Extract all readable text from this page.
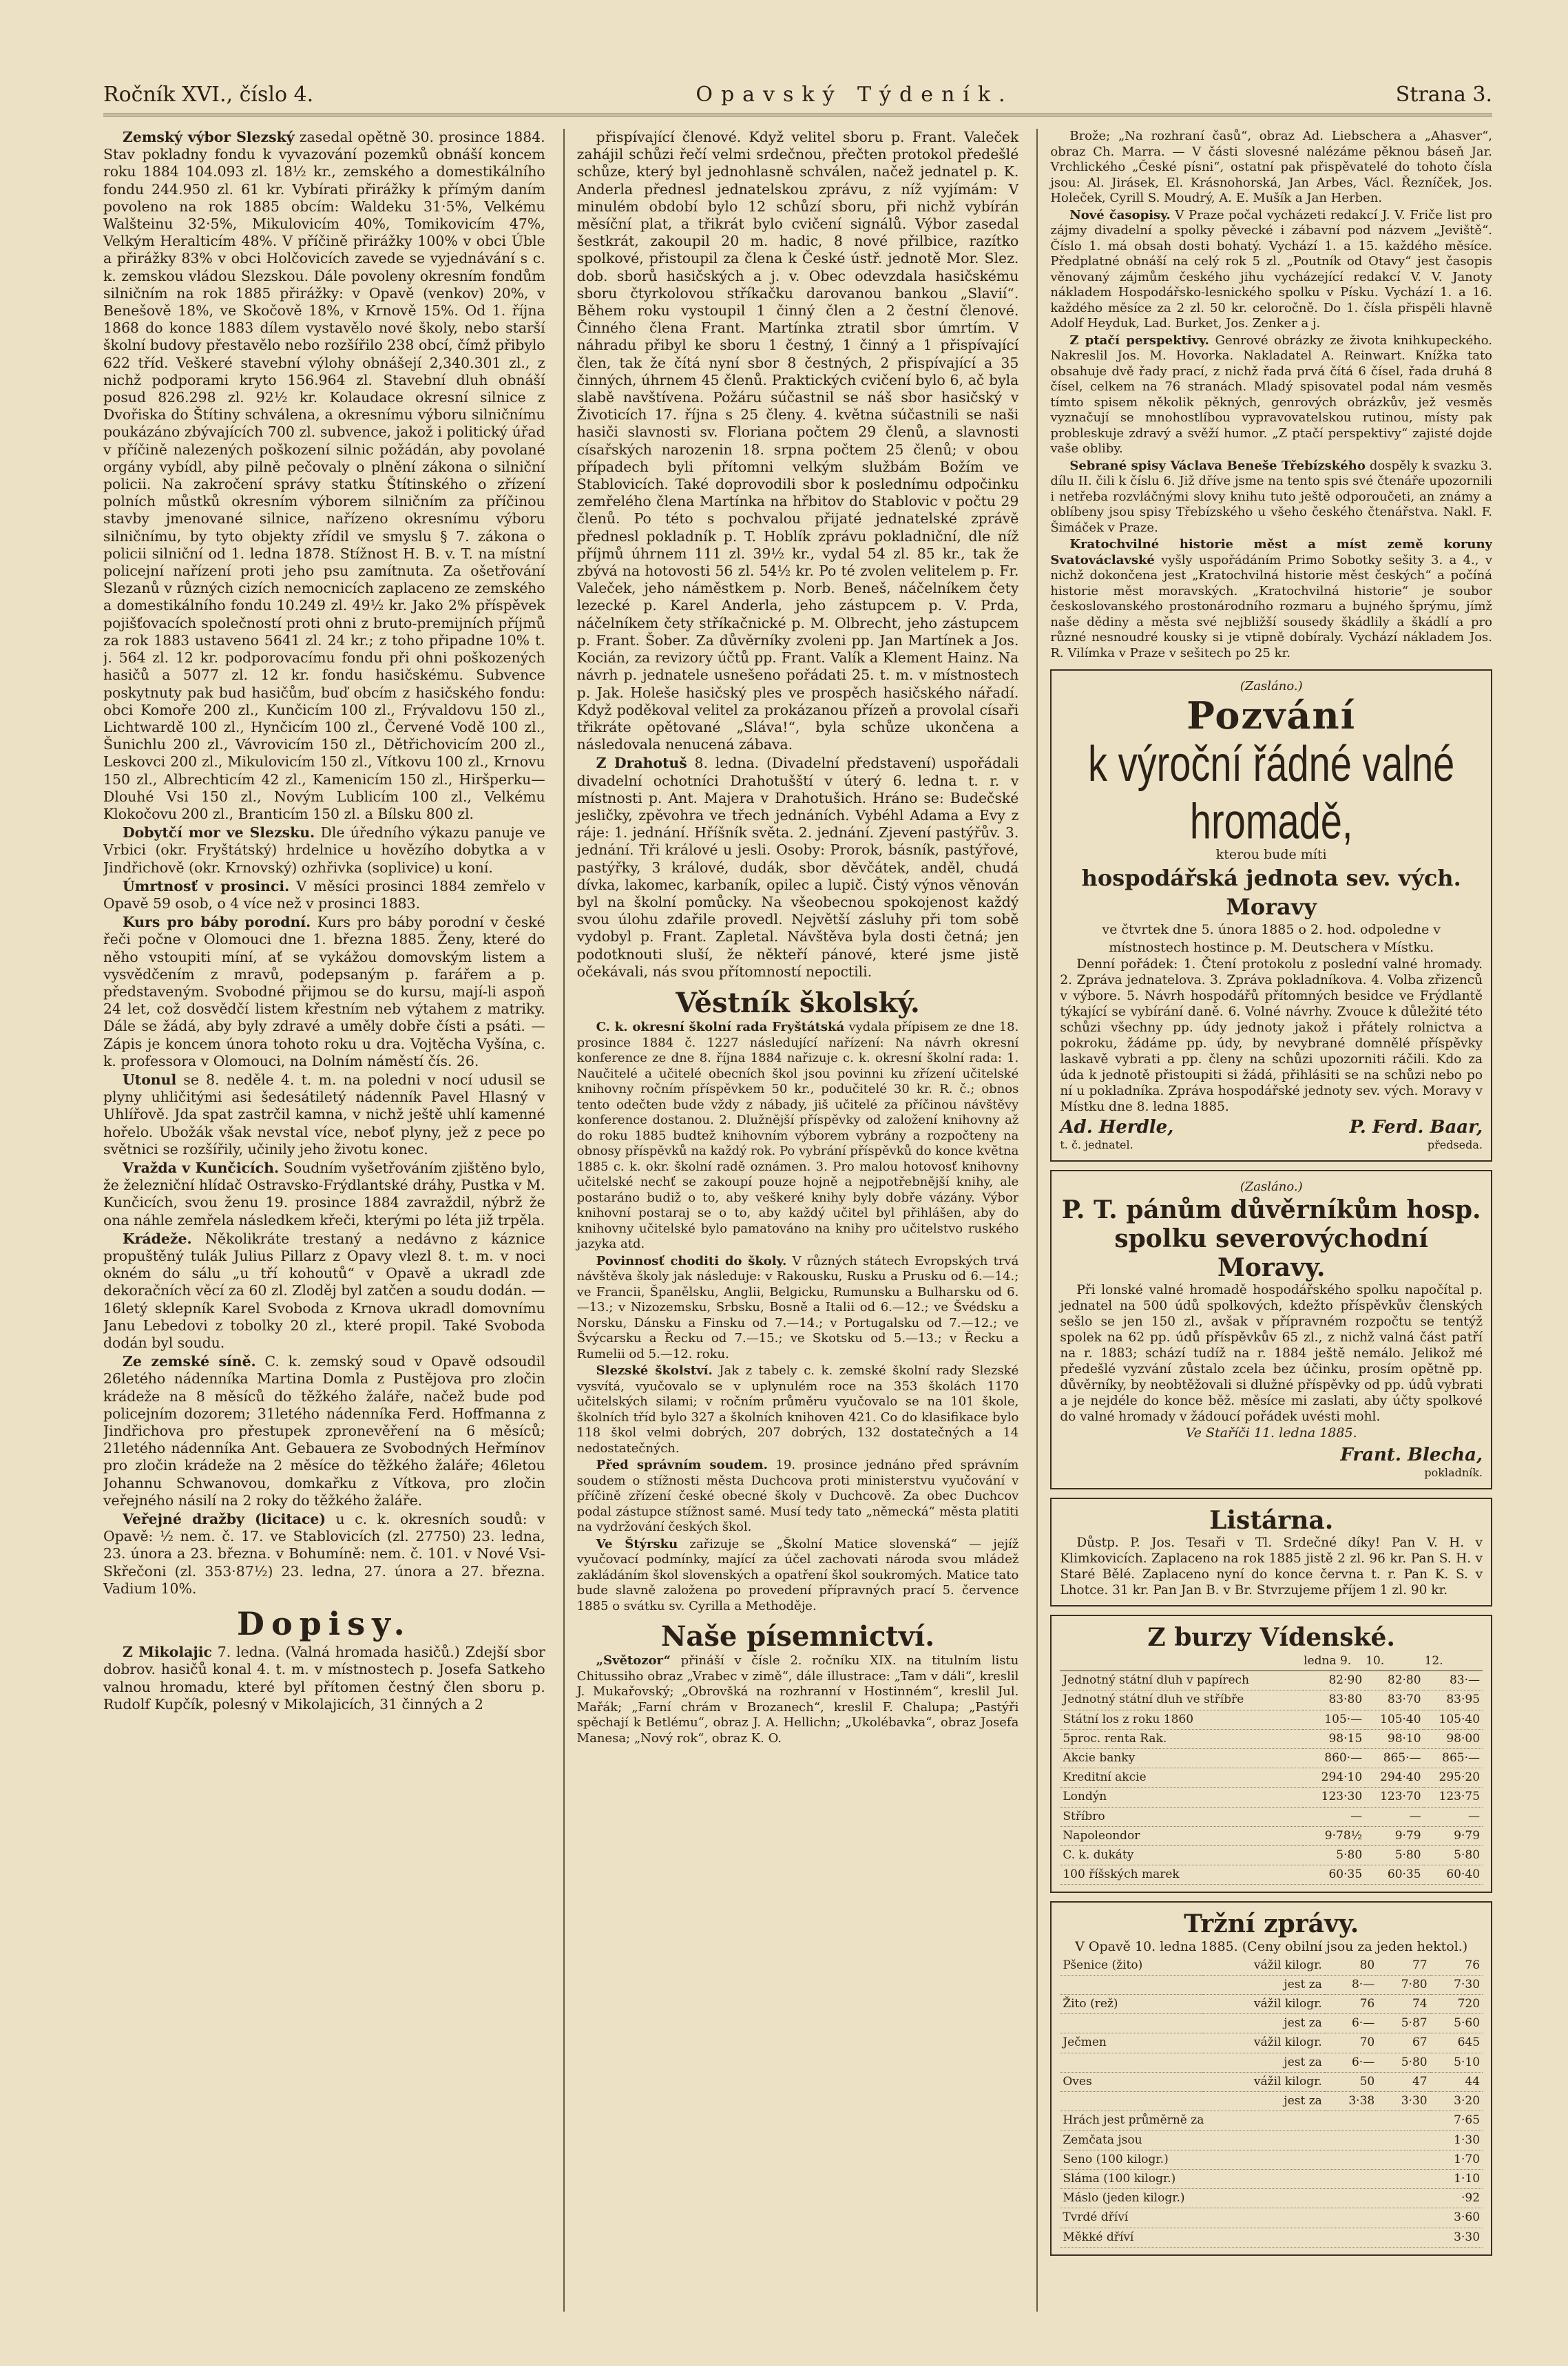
Ročník XVI., číslo 4.	Opavský Týdeník.	Strana 3.

Zemský výbor Slezský zasedal opětně 30. prosince 1884. Stav pokladny fondu k vyvazování pozemků obnáší koncem roku 1884 104.093 zl. 18½ kr., zemského a domestikálního fondu 244.950 zl. 61 kr. Vybírati přirážky k přímým daním povoleno na rok 1885 obcím: Waldeku 31·5%, Velkému Walšteinu 32·5%, Mikulovicím 40%, Tomikovicím 47%, Velkým Heralticím 48%. V příčině přirážky 100% v obci Úble a přirážky 83% v obci Holčovicích zavede se vyjednávání s c. k. zemskou vládou Slezskou. Dále povoleny okresním fondům silničním na rok 1885 přirážky: v Opavě (venkov) 20%, v Benešově 18%, ve Skočově 18%, v Krnově 15%. Od 1. října 1868 do konce 1883 dílem vystavělo nové školy, nebo starší školní budovy přestavělo nebo rozšířilo 238 obcí, čímž přibylo 622 tříd. Veškeré stavební výlohy obnášejí 2,340.301 zl., z nichž podporami kryto 156.964 zl. Stavební dluh obnáší posud 826.298 zl. 92½ kr. Kolaudace okresní silnice z Dvořiska do Štítiny schválena, a okresnímu výboru silničnímu poukázáno zbývajících 700 zl. subvence, jakož i politický úřad v příčině nalezených poškození silnic požádán, aby povolané orgány vybídl, aby pilně pečovaly o plnění zákona o silniční policii. Na zakročení správy statku Štítinského o zřízení polních můstků okresním výborem silničním za příčinou stavby jmenované silnice, nařízeno okresnímu výboru silničnímu, by tyto objekty zřídil ve smyslu § 7. zákona o policii silniční od 1. ledna 1878. Stížnost H. B. v. T. na místní policejní nařízení proti jeho psu zamítnuta. Za ošetřování Slezanů v různých cizích nemocnicích zaplaceno ze zemského a domestikálního fondu 10.249 zl. 49½ kr. Jako 2% příspěvek pojišťovacích společností proti ohni z bruto-premijních příjmů za rok 1883 ustaveno 5641 zl. 24 kr.; z toho připadne 10% t. j. 564 zl. 12 kr. podporovacímu fondu při ohni poškozených hasičů a 5077 zl. 12 kr. fondu hasičskému. Subvence poskytnuty pak bud hasičům, buď obcím z hasičského fondu: obci Komoře 200 zl., Kunčicím 100 zl., Frývaldovu 150 zl., Lichtwardě 100 zl., Hynčicím 100 zl., Červené Vodě 100 zl., Šunichlu 200 zl., Vávrovicím 150 zl., Dětřichovicím 200 zl., Leskovci 200 zl., Mikulovicím 150 zl., Vítkovu 100 zl., Krnovu 150 zl., Albrechticím 42 zl., Kamenicím 150 zl., Hiršperku—Dlouhé Vsi 150 zl., Novým Lublicím 100 zl., Velkému Klokočovu 200 zl., Branticím 150 zl. a Bílsku 800 zl.

Dobytčí mor ve Slezsku. Dle úředního výkazu panuje ve Vrbici (okr. Fryštátský) hrdelnice u hovězího dobytka a v Jindřichově (okr. Krnovský) ozhřivka (soplivice) u koní.

Úmrtnosť v prosinci. V měsíci prosinci 1884 zemřelo v Opavě 59 osob, o 4 více než v prosinci 1883.

Kurs pro báby porodní. Kurs pro báby porodní v české řeči počne v Olomouci dne 1. března 1885. Ženy, které do něho vstoupiti míní, ať se vykážou domovským listem a vysvědčením z mravů, podepsaným p. farářem a p. představeným. Svobodné přijmou se do kursu, mají-li aspoň 24 let, což dosvědčí listem křestním neb výtahem z matriky. Dále se žádá, aby byly zdravé a uměly dobře čísti a psáti. — Zápis je koncem února tohoto roku u dra. Vojtěcha Vyšína, c. k. professora v Olomouci, na Dolním náměstí čís. 26.

Utonul se 8. neděle 4. t. m. na poledni v nocí udusil se plyny uhličitými asi šedesátiletý nádenník Pavel Hlasný v Uhlířově. Jda spat zastrčil kamna, v nichž ještě uhlí kamenné hořelo. Ubožák však nevstal více, neboť plyny, jež z pece po světnici se rozšířily, učinily jeho životu konec.

Vražda v Kunčicích. Soudním vyšetřováním zjištěno bylo, že železniční hlídač Ostravsko-Frýdlantské dráhy, Pustka v M. Kunčicích, svou ženu 19. prosince 1884 zavraždil, nýbrž že ona náhle zemřela následkem křeči, kterými po léta již trpěla.

Krádeže. Několikráte trestaný a nedávno z káznice propuštěný tulák Julius Pillarz z Opavy vlezl 8. t. m. v noci okném do sálu „u tří kohoutů“ v Opavě a ukradl zde dekoračních věcí za 60 zl. Zloděj byl zatčen a soudu dodán. — 16letý sklepník Karel Svoboda z Krnova ukradl domovnímu Janu Lebedovi z tobolky 20 zl., které propil. Také Svoboda dodán byl soudu.

Ze zemské síně. C. k. zemský soud v Opavě odsoudil 26letého nádenníka Martina Domla z Pustějova pro zločin krádeže na 8 měsíců do těžkého žaláře, načež bude pod policejním dozorem; 31letého nádenníka Ferd. Hoffmanna z Jindřichova pro přestupek zpronevěření na 6 měsíců; 21letého nádenníka Ant. Gebauera ze Svobodných Heřmínov pro zločin krádeže na 2 měsíce do těžkého žaláře; 46letou Johannu Schwanovou, domkařku z Vítkova, pro zločin veřejného násilí na 2 roky do těžkého žaláře.

Veřejné dražby (licitace) u c. k. okresních soudů: v Opavě: ½ nem. č. 17. ve Stablovicích (zl. 27750) 23. ledna, 23. února a 23. března. v Bohumíně: nem. č. 101. v Nové Vsi-Skřečoni (zl. 353·87½) 23. ledna, 27. února a 27. března. Vadium 10%.

Dopisy.

Z Mikolajic 7. ledna. (Valná hromada hasičů.) Zdejší sbor dobrov. hasičů konal 4. t. m. v místnostech p. Josefa Satkeho valnou hromadu, které byl přítomen čestný člen sboru p. Rudolf Kupčík, polesný v Mikolajicích, 31 činných a 2

přispívající členové. Když velitel sboru p. Frant. Valeček zahájil schůzi řečí velmi srdečnou, přečten protokol předešlé schůze, který byl jednohlasně schválen, načež jednatel p. K. Anderla přednesl jednatelskou zprávu, z níž vyjímám: V minulém období bylo 12 schůzí sboru, při nichž vybírán měsíční plat, a třikrát bylo cvičení signálů. Výbor zasedal šestkrát, zakoupil 20 m. hadic, 8 nové přilbice, razítko spolkové, přistoupil za člena k České ústř. jednotě Mor. Slez. dob. sborů hasičských a j. v. Obec odevzdala hasičskému sboru čtyrkolovou stříkačku darovanou bankou „Slavií“. Během roku vystoupil 1 činný člen a 2 čestní členové. Činného člena Frant. Martínka ztratil sbor úmrtím. V náhradu přibyl ke sboru 1 čestný, 1 činný a 1 přispívající člen, tak že čítá nyní sbor 8 čestných, 2 přispívající a 35 činných, úhrnem 45 členů. Praktických cvičení bylo 6, ač byla slabě navštívena. Požáru súčastnil se náš sbor hasičský v Životicích 17. října s 25 členy. 4. května súčastnili se naši hasiči slavnosti sv. Floriana počtem 29 členů, a slavnosti císařských narozenin 18. srpna počtem 25 členů; v obou případech byli přítomni velkým službám Božím ve Stablovicích. Také doprovodili sbor k poslednímu odpočinku zemřelého člena Martínka na hřbitov do Stablovic v počtu 29 členů. Po této s pochvalou přijaté jednatelské zprávě přednesl pokladník p. T. Hoblík zprávu pokladniční, dle níž příjmů úhrnem 111 zl. 39½ kr., vydal 54 zl. 85 kr., tak že zbývá na hotovosti 56 zl. 54½ kr. Po té zvolen velitelem p. Fr. Valeček, jeho náměstkem p. Norb. Beneš, náčelníkem čety lezecké p. Karel Anderla, jeho zástupcem p. V. Prda, náčelníkem čety stříkačnické p. M. Olbrecht, jeho zástupcem p. Frant. Šober. Za důvěrníky zvoleni pp. Jan Martínek a Jos. Kocián, za revizory účtů pp. Frant. Valík a Klement Hainz. Na návrh p. jednatele usnešeno pořádati 25. t. m. v místnostech p. Jak. Holeše hasičský ples ve prospěch hasičského nářadí. Když poděkoval velitel za prokázanou přízeň a provolal císaři třikráte opětované „Sláva!“, byla schůze ukončena a následovala nenucená zábava.

Z Drahotuš 8. ledna. (Divadelní představení) uspořádali divadelní ochotníci Drahotušští v úterý 6. ledna t. r. v místnosti p. Ant. Majera v Drahotušich. Hráno se: Budečské jesličky, zpěvohra ve třech jednáních. Vybéhl Adama a Evy z ráje: 1. jednání. Hříšník světa. 2. jednání. Zjevení pastýřův. 3. jednání. Tři králové u jesli. Osoby: Prorok, básník, pastýřové, pastýřky, 3 králové, dudák, sbor děvčátek, anděl, chudá dívka, lakomec, karbaník, opilec a lupič. Čistý výnos věnován byl na školní pomůcky. Na všeobecnou spokojenost každý svou úlohu zdařile provedl. Největší zásluhy při tom sobě vydobyl p. Frant. Zapletal. Návštěva byla dosti četná; jen podotknouti sluší, že někteří pánové, které jsme jistě očekávali, nás svou přítomností nepoctili.

Věstník školský.

C. k. okresní školní rada Fryštátská vydala přípisem ze dne 18. prosince 1884 č. 1227 následující nařízení: Na návrh okresní konference ze dne 8. října 1884 nařizuje c. k. okresní školní rada: 1. Naučitelé a učitelé obecních škol jsou povinni ku zřízení učitelské knihovny ročním příspěvkem 50 kr., podučitelé 30 kr. R. č.; obnos tento odečten bude vždy z nábady, jiš učitelé za příčinou návštěvy konference dostanou. 2. Dlužnější příspěvky od založení knihovny až do roku 1885 budtež knihovním výborem vybrány a rozpočteny na obnosy příspěvků na každý rok. Po vybrání příspěvků do konce května 1885 c. k. okr. školní radě oznámen. 3. Pro malou hotovosť knihovny učitelské nechť se zakoupí pouze hojně a nejpotřebnější knihy, ale postaráno budiž o to, aby veškeré knihy byly dobře vázány. Výbor knihovní postaraj se o to, aby každý učitel byl přihlášen, aby do knihovny učitelské bylo pamatováno na knihy pro učitelstvo ruského jazyka atd.

Povinnosť choditi do školy. V různých státech Evropských trvá návštěva školy jak následuje: v Rakousku, Rusku a Prusku od 6.—14.; ve Francii, Španělsku, Anglii, Belgicku, Rumunsku a Bulharsku od 6.—13.; v Nizozemsku, Srbsku, Bosně a Italii od 6.—12.; ve Švédsku a Norsku, Dánsku a Finsku od 7.—14.; v Portugalsku od 7.—12.; ve Švýcarsku a Řecku od 7.—15.; ve Skotsku od 5.—13.; v Řecku a Rumelii od 5.—12. roku.

Slezské školství. Jak z tabely c. k. zemské školní rady Slezské vysvítá, vyučovalo se v uplynulém roce na 353 školách 1170 učitelských silami; v ročním průměru vyučovalo se na 101 škole, školních tříd bylo 327 a školních knihoven 421. Co do klasifikace bylo 118 škol velmi dobrých, 207 dobrých, 132 dostatečných a 14 nedostatečných.

Před správním soudem. 19. prosince jednáno před správním soudem o stížnosti města Duchcova proti ministerstvu vyučování v příčině zřízení české obecné školy v Duchcově. Za obec Duchcov podal zástupce stížnost samé. Musí tedy tato „německá“ města platiti na vydržování českých škol.

Ve Štýrsku zařizuje se „Školní Matice slovenská“ — jejíž vyučovací podmínky, mající za účel zachovati národa svou mládež zakládáním škol slovenských a opatření škol soukromých. Matice tato bude slavně založena po provedení přípravných prací 5. července 1885 o svátku sv. Cyrilla a Methoděje.

Naše písemnictví.

„Světozor“ přináší v čísle 2. ročníku XIX. na titulním listu Chitussiho obraz „Vrabec v zimě“, dále illustrace: „Tam v dáli“, kreslil J. Mukařovský; „Obrovšká na rozhranní v Hostinném“, kreslil Jul. Mařák; „Farní chrám v Brozanech“, kreslil F. Chalupa; „Pastýři spěchají k Betlému“, obraz J. A. Hellichn; „Ukolébavka“, obraz Josefa Manesa; „Nový rok“, obraz K. O.

Brože; „Na rozhraní časů“, obraz Ad. Liebschera a „Ahasver“, obraz Ch. Marra. — V části slovesné nalézáme pěknou báseň Jar. Vrchlického „České písni“, ostatní pak přispěvatelé do tohoto čísla jsou: Al. Jirásek, El. Krásnohorská, Jan Arbes, Václ. Řezníček, Jos. Holeček, Cyrill S. Moudrý, A. E. Mušík a Jan Herben.

Nové časopisy. V Praze počal vycházeti redakcí J. V. Friče list pro zájmy divadelní a spolky pěvecké i zábavní pod názvem „Jeviště“. Číslo 1. má obsah dosti bohatý. Vychází 1. a 15. každého měsíce. Předplatné obnáší na celý rok 5 zl. „Poutník od Otavy“ jest časopis věnovaný zájmům českého jihu vycházející redakcí V. V. Janoty nákladem Hospodářsko-lesnického spolku v Písku. Vychází 1. a 16. každého měsíce za 2 zl. 50 kr. celoročně. Do 1. čísla přispěli hlavně Adolf Heyduk, Lad. Burket, Jos. Zenker a j.

Z ptačí perspektivy. Genrové obrázky ze života knihkupeckého. Nakreslil Jos. M. Hovorka. Nakladatel A. Reinwart. Knížka tato obsahuje dvě řady prací, z nichž řada prvá čítá 6 čísel, řada druhá 8 čísel, celkem na 76 stranách. Mladý spisovatel podal nám vesměs tímto spisem několik pěkných, genrových obrázkův, jež vesměs vyznačují se mnohostlíbou vypravovatelskou rutinou, místy pak probleskuje zdravý a svěží humor. „Z ptačí perspektivy“ zajisté dojde vaše obliby.

Sebrané spisy Václava Beneše Třebízského dospěly k svazku 3. dílu II. čili k číslu 6. Již dříve jsme na tento spis své čtenáře upozornili i netřeba rozvláčnými slovy knihu tuto ještě odporoučeti, an známy a oblíbeny jsou spisy Třebízského u všeho českého čtenářstva. Nakl. F. Šimáček v Praze.

Kratochvilné historie měst a míst země koruny Svatováclavské vyšly uspořádáním Primo Sobotky sešity 3. a 4., v nichž dokončena jest „Kratochvilná historie měst českých“ a počíná historie měst moravských. „Kratochvilná historie“ je soubor českoslovanského prostonárodního rozmaru a bujného šprýmu, jímž naše dědiny a města své nejbližší sousedy škádlily a škádlí a pro různé nesnoudré kousky si je vtipně dobíraly. Vychází nákladem Jos. R. Vilímka v Praze v sešitech po 25 kr.

(Zasláno.)
Pozvání
k výroční řádné valné hromadě,
kterou bude míti
hospodářská jednota sev. vých. Moravy
ve čtvrtek dne 5. února 1885 o 2. hod. odpoledne v místnostech hostince p. M. Deutschera v Místku.

Denní pořádek: 1. Čtení protokolu z poslední valné hromady. 2. Zpráva jednatelova. 3. Zpráva pokladníkova. 4. Volba zřizenců v výbore. 5. Návrh hospodářů přítomných besidce ve Frýdlantě týkající se vybírání daně. 6. Volné návrhy. Zvouce k důležité této schůzi všechny pp. údy jednoty jakož i přátely rolnictva a pokroku, žádáme pp. údy, by nevybrané domnělé příspěvky laskavě vybrati a pp. členy na schůzi upozorniti ráčili. Kdo za úda k jednotě přistoupiti si žádá, přihlásiti se na schůzi nebo po ní u pokladníka. Zpráva hospodářské jednoty sev. vých. Moravy v Místku dne 8. ledna 1885.

Ad. Herdle,	P. Ferd. Baar,
t. č. jednatel.	předseda.
(Zasláno.)
P. T. pánům důvěrníkům hosp. spolku severovýchodní Moravy.

Při lonské valné hromadě hospodářského spolku napočítal p. jednatel na 500 údů spolkových, kdežto příspěvkův členských sešlo se jen 150 zl., avšak v přípravném rozpočtu se tentýž spolek na 62 pp. údů příspěvkův 65 zl., z nichž valná část patří na r. 1883; schází tudíž na r. 1884 ještě nemálo. Jelikož mé předešlé vyzvání zůstalo zcela bez účinku, prosím opětně pp. důvěrníky, by neobtěžovali si dlužné příspěvky od pp. údů vybrati a je nejdéle do konce běž. měsíce mi zaslati, aby účty spolkové do valné hromady v žádoucí pořádek uvésti mohl.

Ve Staříči 11. ledna 1885.
Frant. Blecha,
pokladník.
Listárna.

Důstp. P. Jos. Tesaři v Tl. Srdečné díky! Pan V. H. v Klimkovicích. Zaplaceno na rok 1885 jistě 2 zl. 96 kr. Pan S. H. v Staré Bělé. Zaplaceno nyní do konce června t. r. Pan K. S. v Lhotce. 31 kr. Pan Jan B. v Br. Stvrzujeme příjem 1 zl. 90 kr.

Z burzy Vídenské.
	ledna 9.	10.	12.
Jednotný státní dluh v papírech	82·90	82·80	83·—
Jednotný státní dluh ve stříbře	83·80	83·70	83·95
Státní los z roku 1860	105·—	105·40	105·40
5proc. renta Rak.	98·15	98·10	98·00
Akcie banky	860·—	865·—	865·—
Kreditní akcie	294·10	294·40	295·20
Londýn	123·30	123·70	123·75
Stříbro	—	—	—
Napoleondor	9·78½	9·79	9·79
C. k. dukáty	5·80	5·80	5·80
100 říšských marek	60·35	60·35	60·40
Tržní zprávy.
V Opavě 10. ledna 1885. (Ceny obilní jsou za jeden hektol.)
Pšenice (žito)	vážil kilogr.	80	77	76
	jest za	8·—	7·80	7·30
Žito (rež)	vážil kilogr.	76	74	720
	jest za	6·—	5·87	5·60
Ječmen	vážil kilogr.	70	67	645
	jest za	6·—	5·80	5·10
Oves	vážil kilogr.	50	47	44
	jest za	3·38	3·30	3·20
Hrách jest průměrně za	7·65
Zemčata jsou	1·30
Seno (100 kilogr.)	1·70
Sláma (100 kilogr.)	1·10
Máslo (jeden kilogr.)	·92
Tvrdé dříví	3·60
Měkké dříví	3·30
